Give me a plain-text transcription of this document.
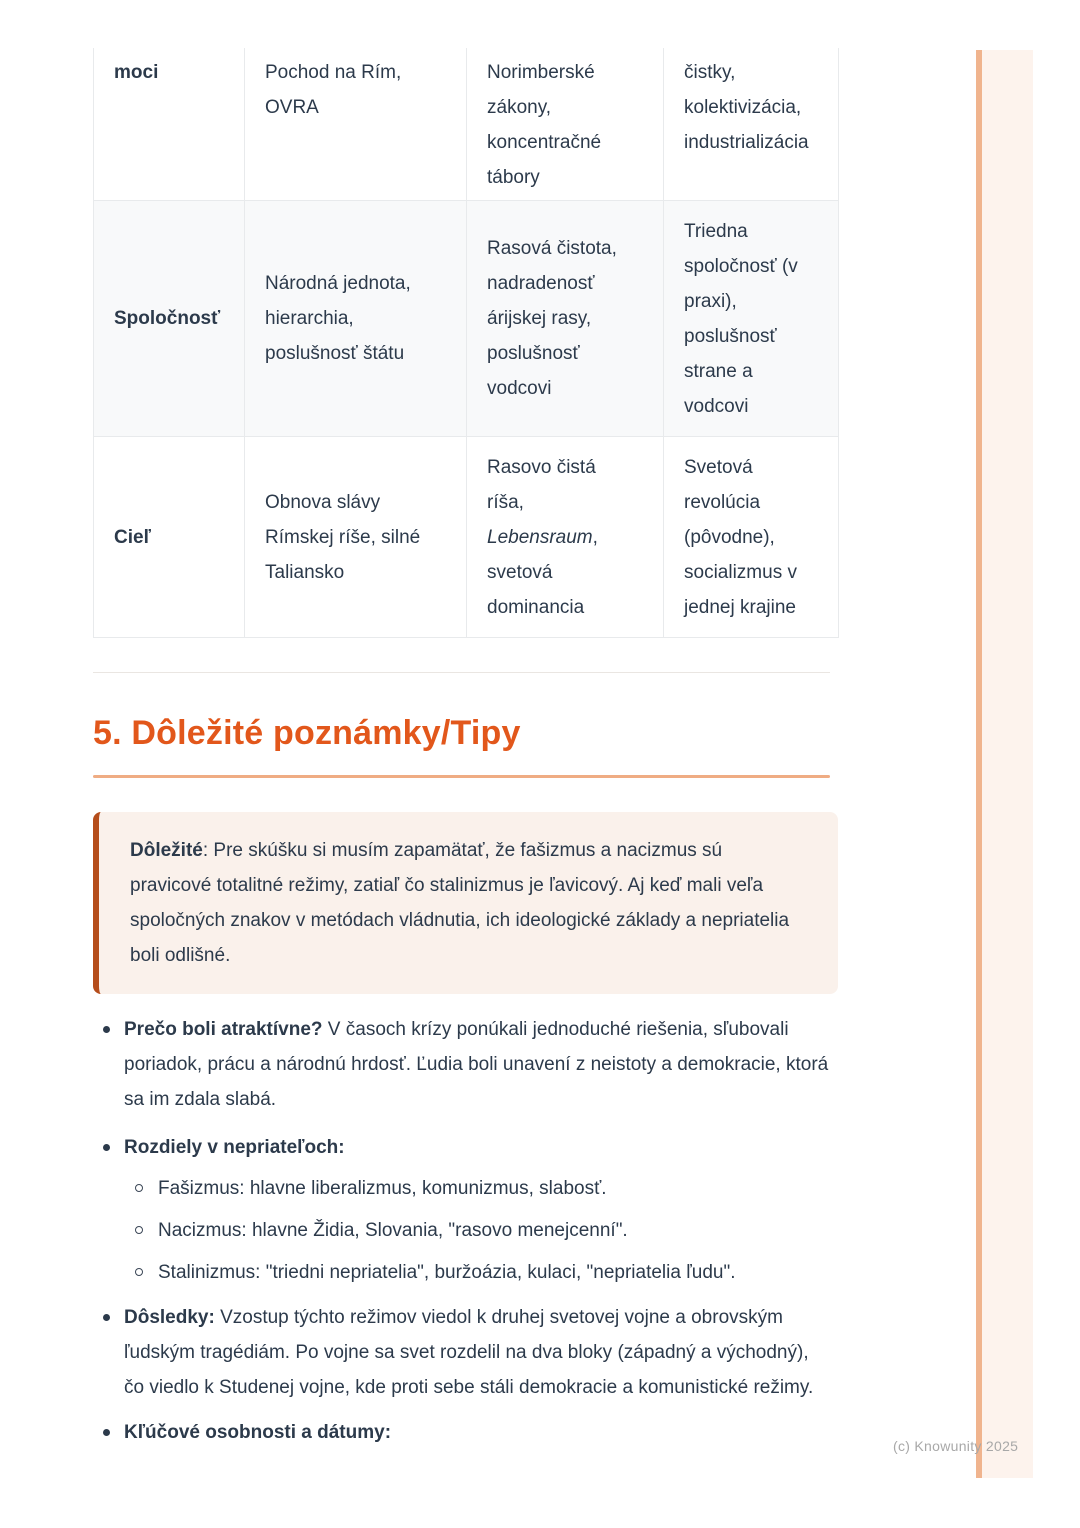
moci	Pochod na Rím,
OVRA
Norimberské
zákony,
koncentračné
tábory
čistky,
kolektivizácia,
industrializácia
Spoločnosť
Národná jednota,
hierarchia,
poslušnosť štátu
Rasová čistota,
nadradenosť
árijskej rasy,
poslušnosť
vodcovi
Triedna
spoločnosť (v
praxi),
poslušnosť
strane a
vodcovi
Cieľ
Obnova slávy
Rímskej ríše, silné
Taliansko
Rasovo čistá
ríša,
Lebensraum,
svetová
dominancia
Svetová
revolúcia
(pôvodne),
socializmus v
jednej krajine
5. Dôležité poznámky/Tipy

Dôležité: Pre skúšku si musím zapamätať, že fašizmus a nacizmus sú pravicové totalitné režimy, zatiaľ čo stalinizmus je ľavicový. Aj keď mali veľa spoločných znakov v metódach vládnutia, ich ideologické základy a nepriatelia boli odlišné.

Prečo boli atraktívne? V časoch krízy ponúkali jednoduché riešenia, sľubovali poriadok, prácu a národnú hrdosť. Ľudia boli unavení z neistoty a demokracie, ktorá sa im zdala slabá.
Rozdiely v nepriateľoch:
Fašizmus: hlavne liberalizmus, komunizmus, slabosť.
Nacizmus: hlavne Židia, Slovania, "rasovo menejcenní".
Stalinizmus: "triedni nepriatelia", buržoázia, kulaci, "nepriatelia ľudu".
Dôsledky: Vzostup týchto režimov viedol k druhej svetovej vojne a obrovským ľudským tragédiám. Po vojne sa svet rozdelil na dva bloky (západný a východný), čo viedlo k Studenej vojne, kde proti sebe stáli demokracie a komunistické režimy.
Kľúčové osobnosti a dátumy:
(c) Knowunity 2025
